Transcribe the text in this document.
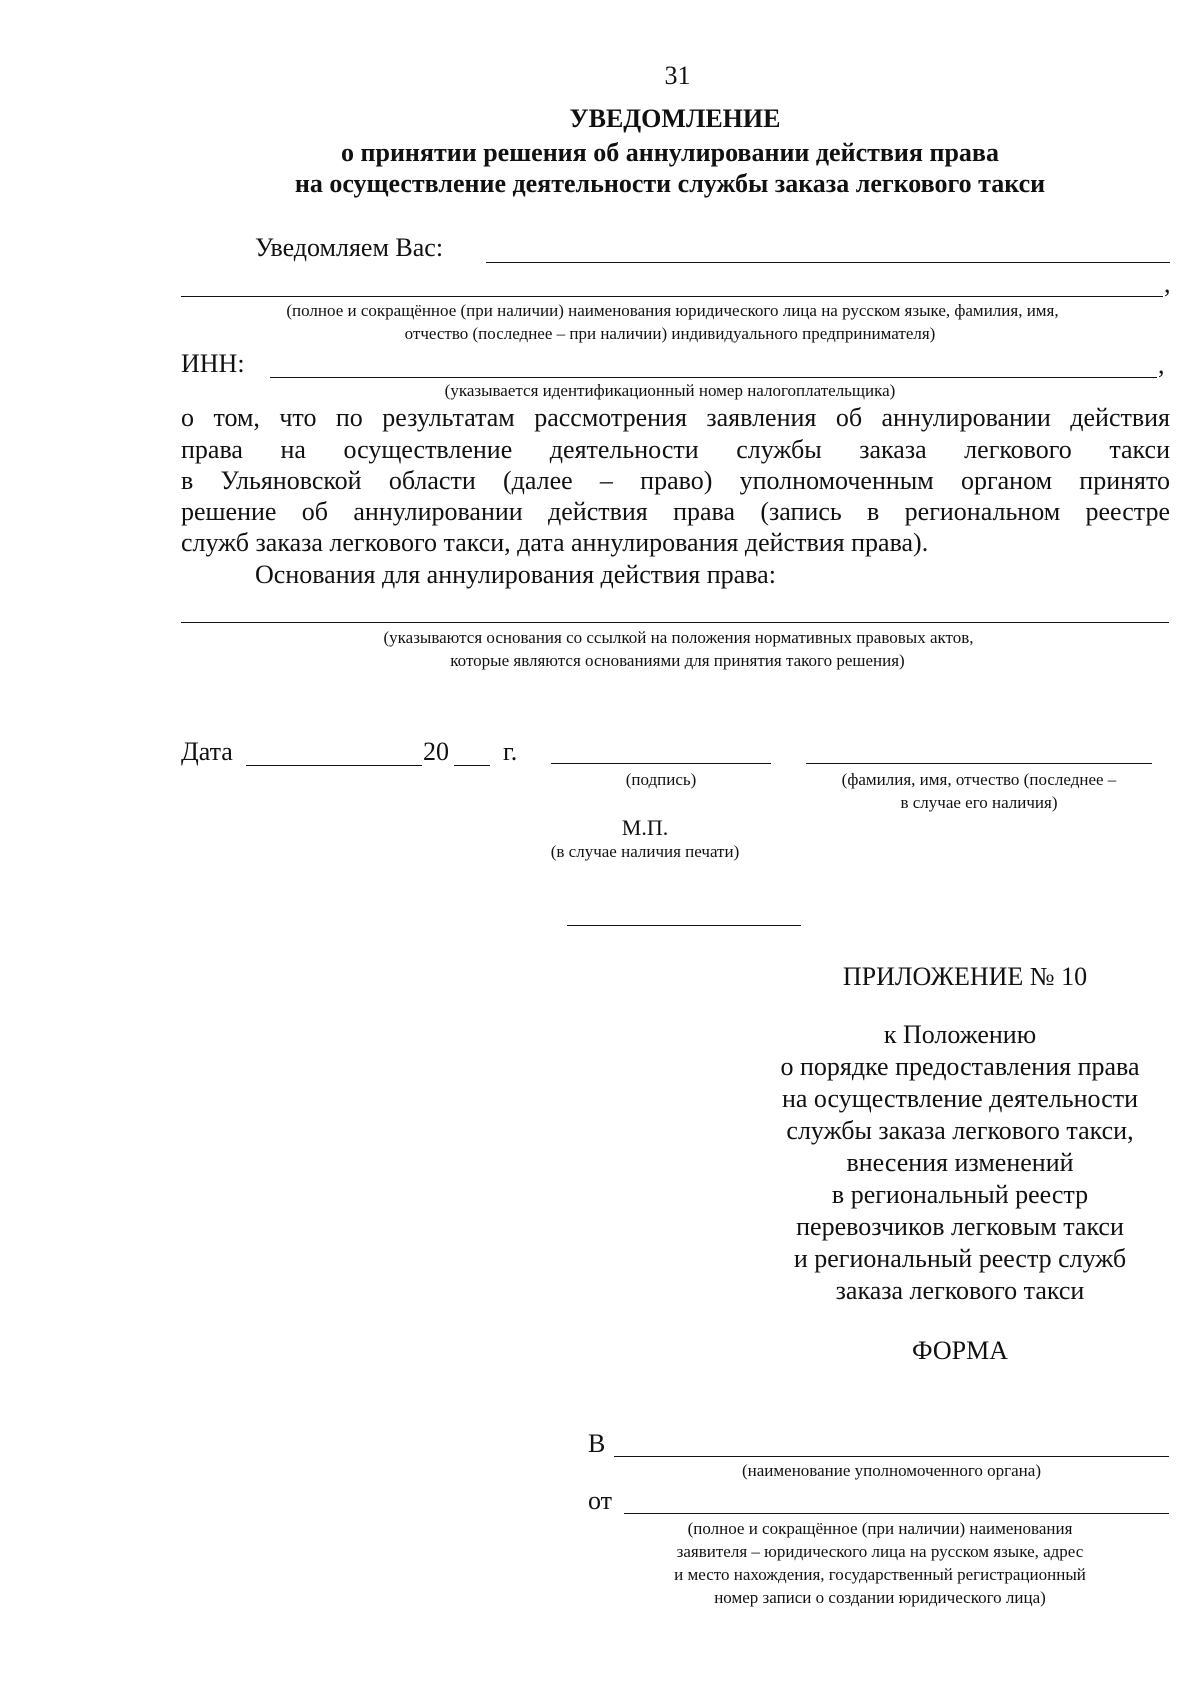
31
УВЕДОМЛЕНИЕ
о принятии решения об аннулировании действия права
на осуществление деятельности службы заказа легкового такси
Уведомляем Вас:
,
(полное и сокращённое (при наличии) наименования юридического лица на русском языке, фамилия, имя,
отчество (последнее – при наличии) индивидуального предпринимателя)
ИНН:	,
(указывается идентификационный номер налогоплательщика)
о том, что по результатам рассмотрения заявления об аннулировании действия
права на осуществление деятельности службы заказа легкового такси
в Ульяновской области (далее – право) уполномоченным органом принято
решение об аннулировании действия права (запись в региональном реестре
служб заказа легкового такси, дата аннулирования действия права).
Основания для аннулирования действия права:
(указываются основания со ссылкой на положения нормативных правовых актов,
которые являются основаниями для принятия такого решения)
Дата	20 г.
(подпись)	(фамилия, имя, отчество (последнее –
в случае его наличия)
М.П.
(в случае наличия печати)
ПРИЛОЖЕНИЕ № 10
к Положению
о порядке предоставления права
на осуществление деятельности
службы заказа легкового такси,
внесения изменений
в региональный реестр
перевозчиков легковым такси
и региональный реестр служб
заказа легкового такси
ФОРМА
В
(наименование уполномоченного органа)
от
(полное и сокращённое (при наличии) наименования
заявителя – юридического лица на русском языке, адрес
и место нахождения, государственный регистрационный
номер записи о создании юридического лица)
